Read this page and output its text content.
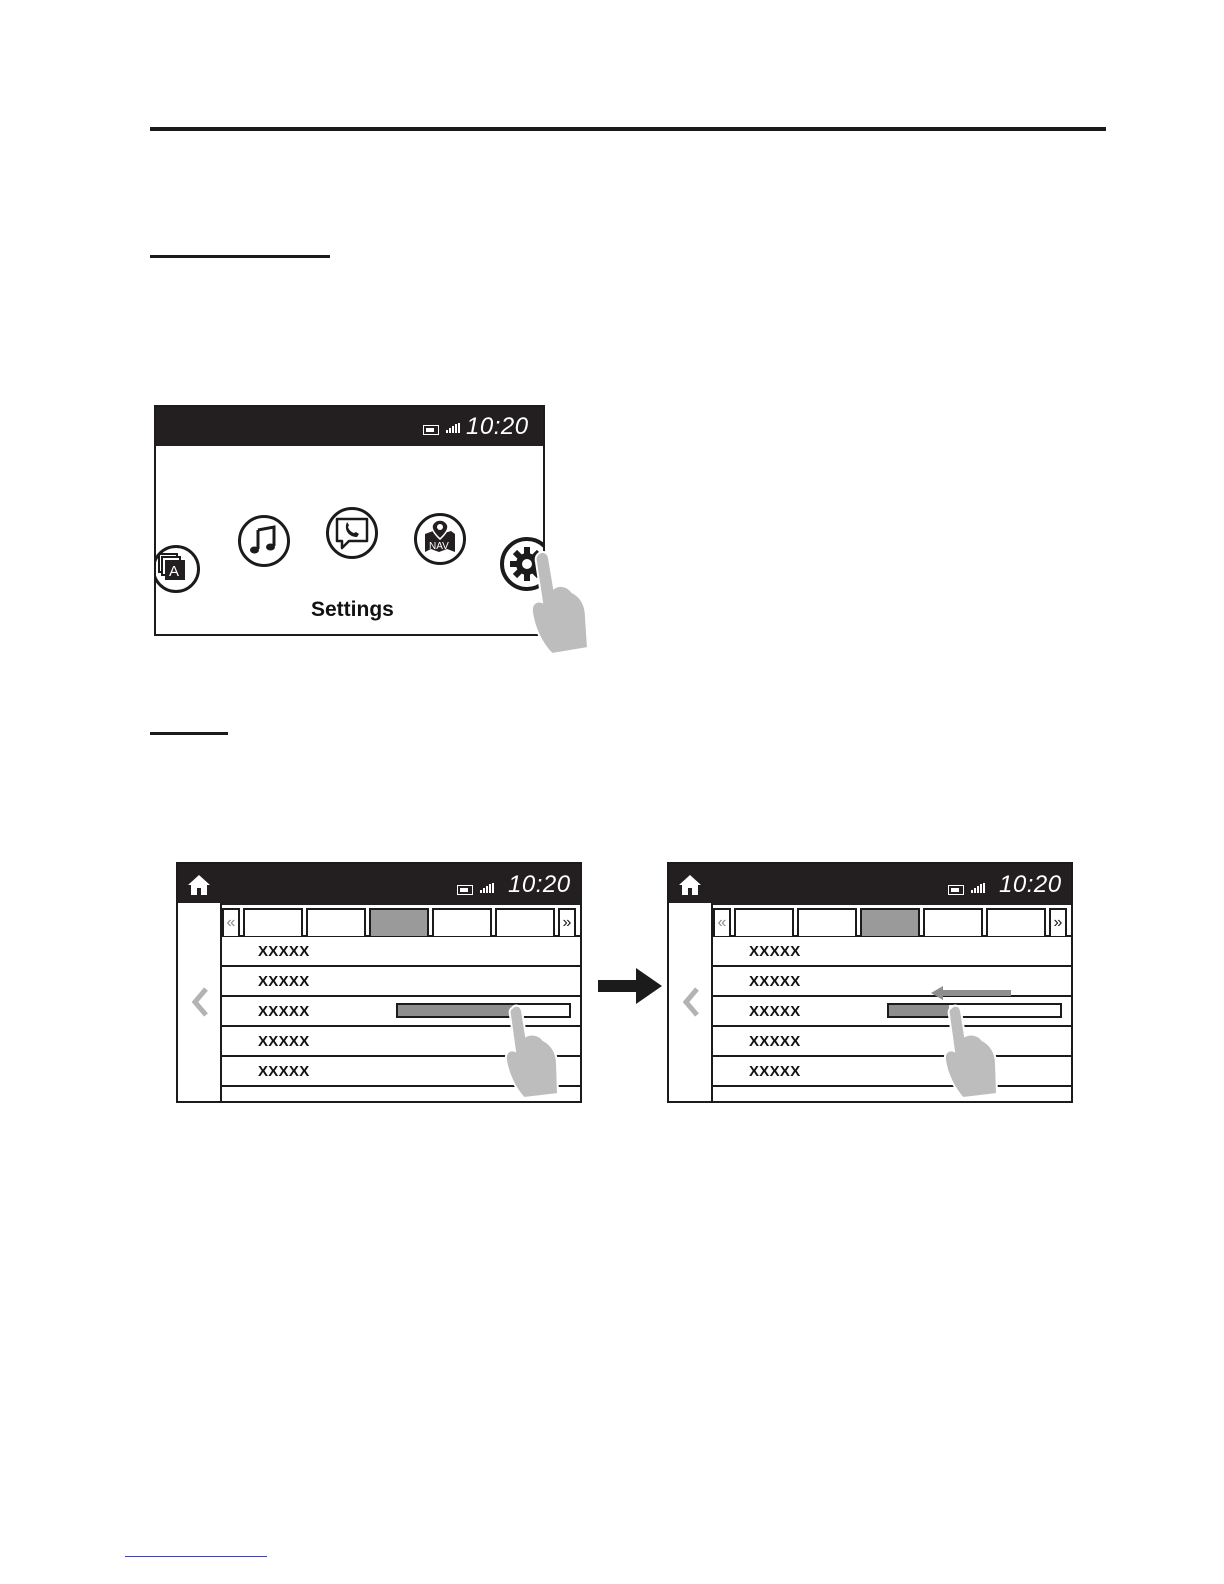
10:20
A
NAV
Settings
10:20
«	»
XXXXX
XXXXX
XXXXX
XXXXX
XXXXX
10:20
«	»
XXXXX
XXXXX
XXXXX
XXXXX
XXXXX
